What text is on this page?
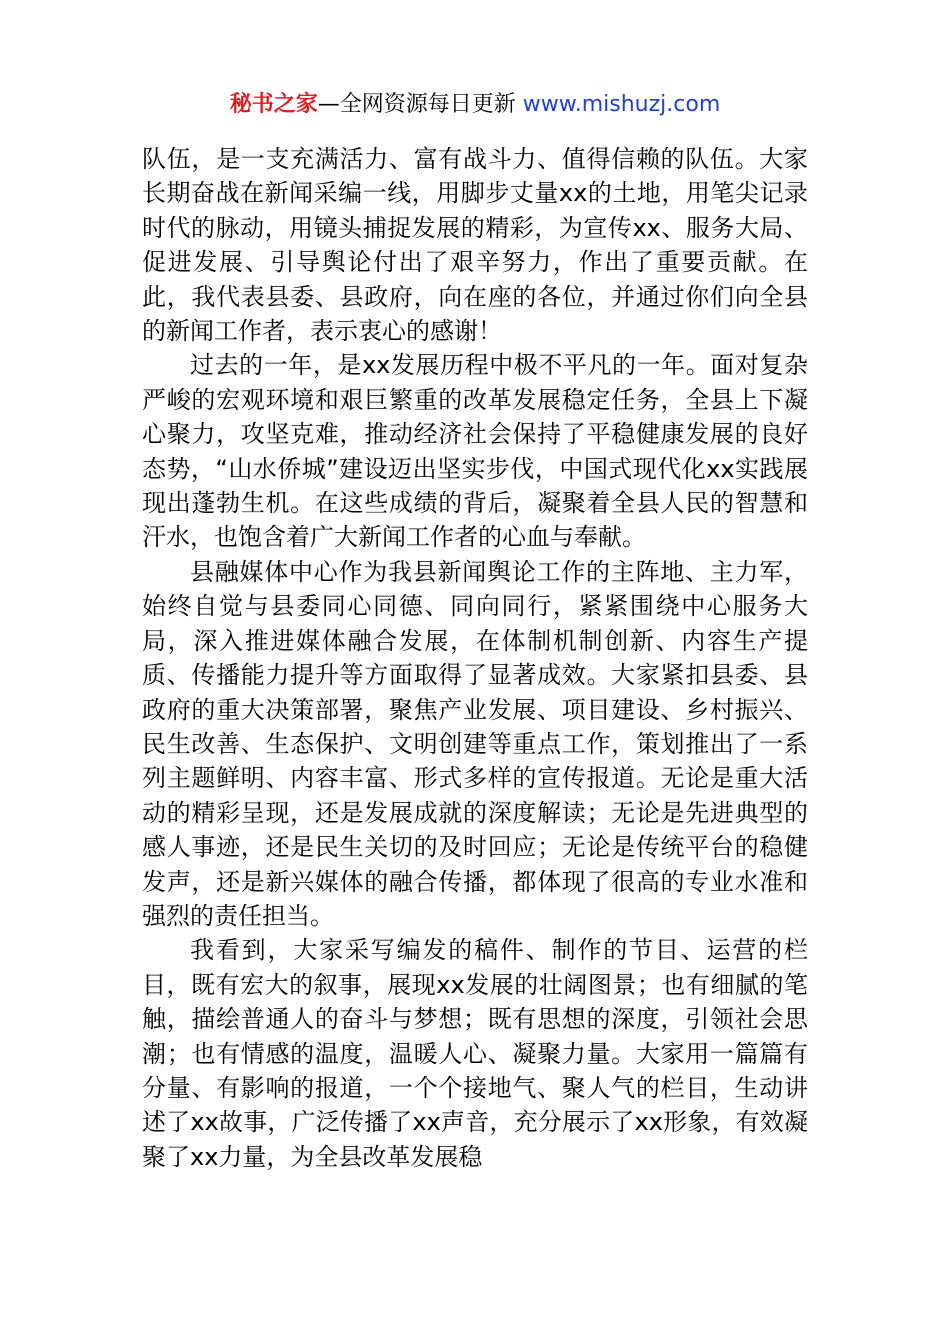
秘书之家—全网资源每日更新 www.mishuzj.com

队伍，是一支充满活力、富有战斗力、值得信赖的队伍。大家长期奋战在新闻采编一线，用脚步丈量xx的土地，用笔尖记录时代的脉动，用镜头捕捉发展的精彩，为宣传xx、服务大局、促进发展、引导舆论付出了艰辛努力，作出了重要贡献。在此，我代表县委、县政府，向在座的各位，并通过你们向全县的新闻工作者，表示衷心的感谢！

过去的一年，是xx发展历程中极不平凡的一年。面对复杂严峻的宏观环境和艰巨繁重的改革发展稳定任务，全县上下凝心聚力，攻坚克难，推动经济社会保持了平稳健康发展的良好态势，“山水侨城”建设迈出坚实步伐，中国式现代化xx实践展现出蓬勃生机。在这些成绩的背后，凝聚着全县人民的智慧和汗水，也饱含着广大新闻工作者的心血与奉献。

县融媒体中心作为我县新闻舆论工作的主阵地、主力军，始终自觉与县委同心同德、同向同行，紧紧围绕中心服务大局，深入推进媒体融合发展，在体制机制创新、内容生产提质、传播能力提升等方面取得了显著成效。大家紧扣县委、县政府的重大决策部署，聚焦产业发展、项目建设、乡村振兴、民生改善、生态保护、文明创建等重点工作，策划推出了一系列主题鲜明、内容丰富、形式多样的宣传报道。无论是重大活动的精彩呈现，还是发展成就的深度解读；无论是先进典型的感人事迹，还是民生关切的及时回应；无论是传统平台的稳健发声，还是新兴媒体的融合传播，都体现了很高的专业水准和强烈的责任担当。

我看到，大家采写编发的稿件、制作的节目、运营的栏目，既有宏大的叙事，展现xx发展的壮阔图景；也有细腻的笔触，描绘普通人的奋斗与梦想；既有思想的深度，引领社会思潮；也有情感的温度，温暖人心、凝聚力量。大家用一篇篇有分量、有影响的报道，一个个接地气、聚人气的栏目，生动讲述了xx故事，广泛传播了xx声音，充分展示了xx形象，有效凝聚了xx力量，为全县改革发展稳
